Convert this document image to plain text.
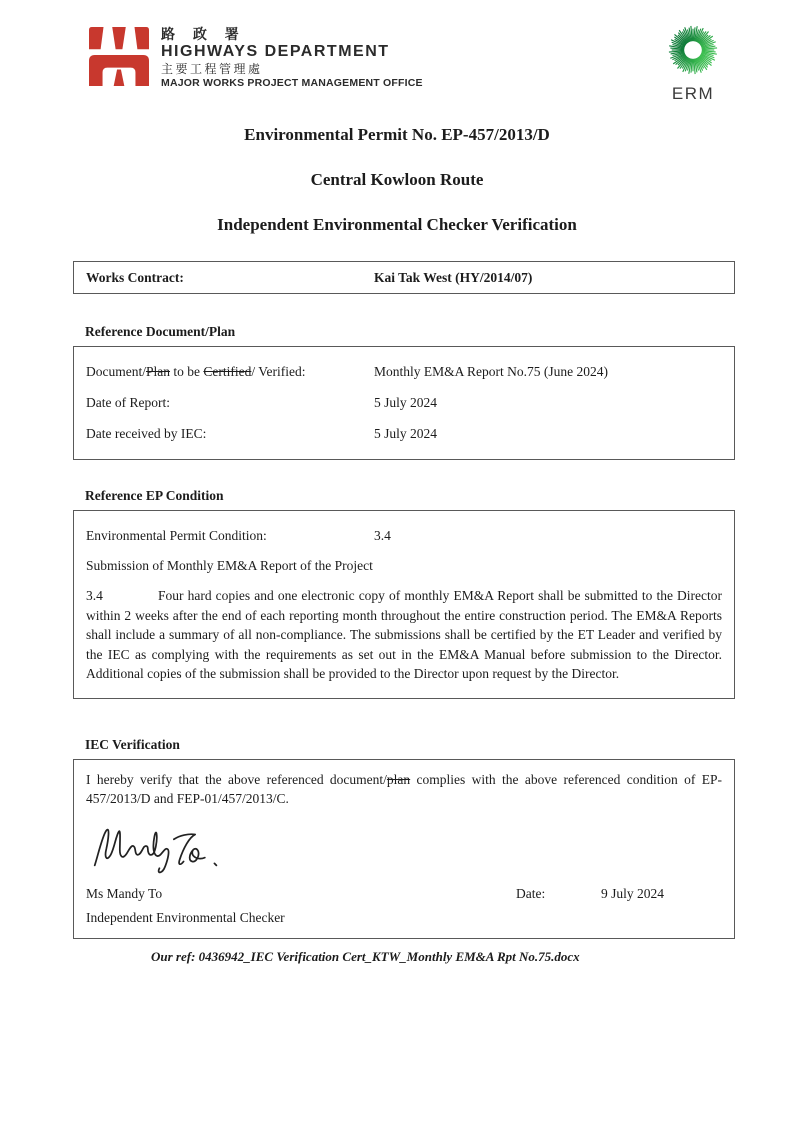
路 政 署
HIGHWAYS DEPARTMENT
主要工程管理處
MAJOR WORKS PROJECT MANAGEMENT OFFICE
ERM

Environmental Permit No. EP-457/2013/D

Central Kowloon Route

Independent Environmental Checker Verification

Works Contract:	Kai Tak West (HY/2014/07)
Reference Document/Plan
Document/Plan to be Certified/ Verified:	Monthly EM&A Report No.75 (June 2024)
Date of Report:	5 July 2024
Date received by IEC:	5 July 2024
Reference EP Condition
Environmental Permit Condition:	3.4
Submission of Monthly EM&A Report of the Project
3.4	Four hard copies and one electronic copy of monthly EM&A Report shall be submitted to the Director within 2 weeks after the end of each reporting month throughout the entire construction period. The EM&A Reports shall include a summary of all non-compliance. The submissions shall be certified by the ET Leader and verified by the IEC as complying with the requirements as set out in the EM&A Manual before submission to the Director. Additional copies of the submission shall be provided to the Director upon request by the Director.
IEC Verification
I hereby verify that the above referenced document/plan complies with the above referenced condition of EP-457/2013/D and FEP-01/457/2013/C.
Ms Mandy To	Date:	9 July 2024
Independent Environmental Checker
Our ref: 0436942_IEC Verification Cert_KTW_Monthly EM&A Rpt No.75.docx
